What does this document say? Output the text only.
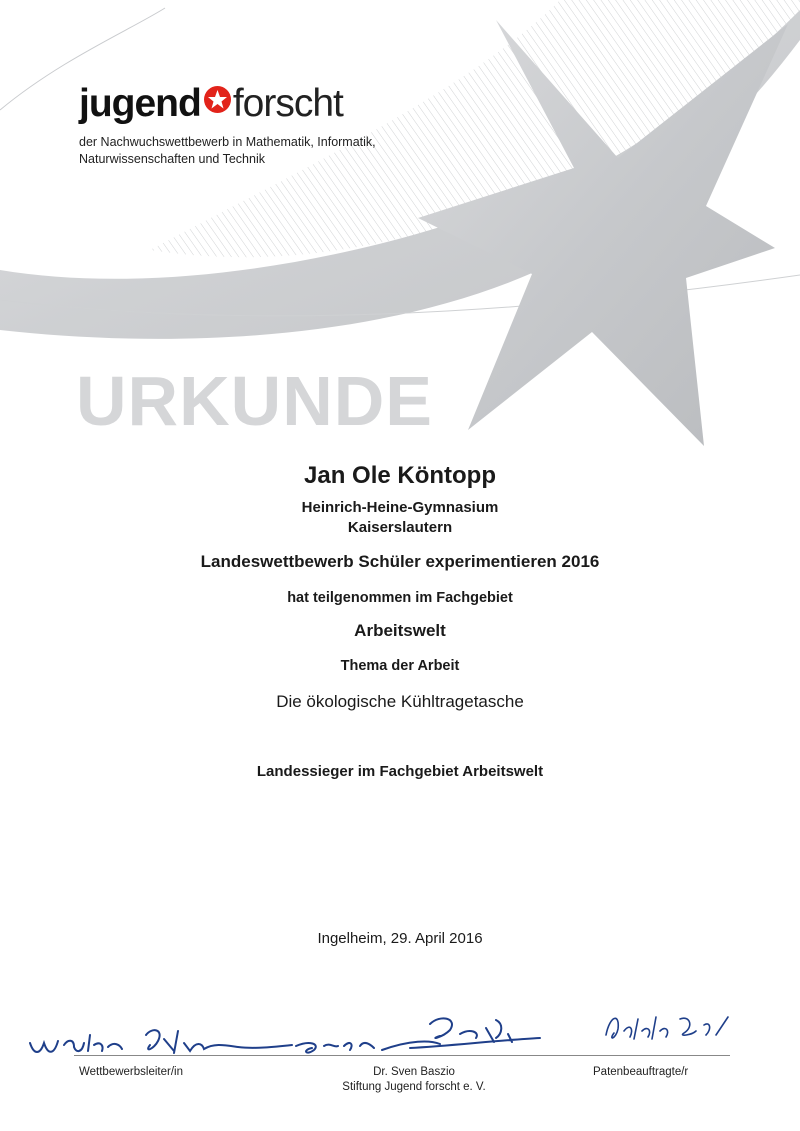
jugend forscht
der Nachwuchswettbewerb in Mathematik, Informatik,
Naturwissenschaften und Technik
URKUNDE
Jan Ole Köntopp
Heinrich-Heine-Gymnasium
Kaiserslautern
Landeswettbewerb Schüler experimentieren 2016
hat teilgenommen im Fachgebiet
Arbeitswelt
Thema der Arbeit
Die ökologische Kühltragetasche
Landessieger im Fachgebiet Arbeitswelt
Ingelheim, 29. April 2016
Wettbewerbsleiter/in	Dr. Sven Baszio
Stiftung Jugend forscht e. V.
Patenbeauftragte/r
